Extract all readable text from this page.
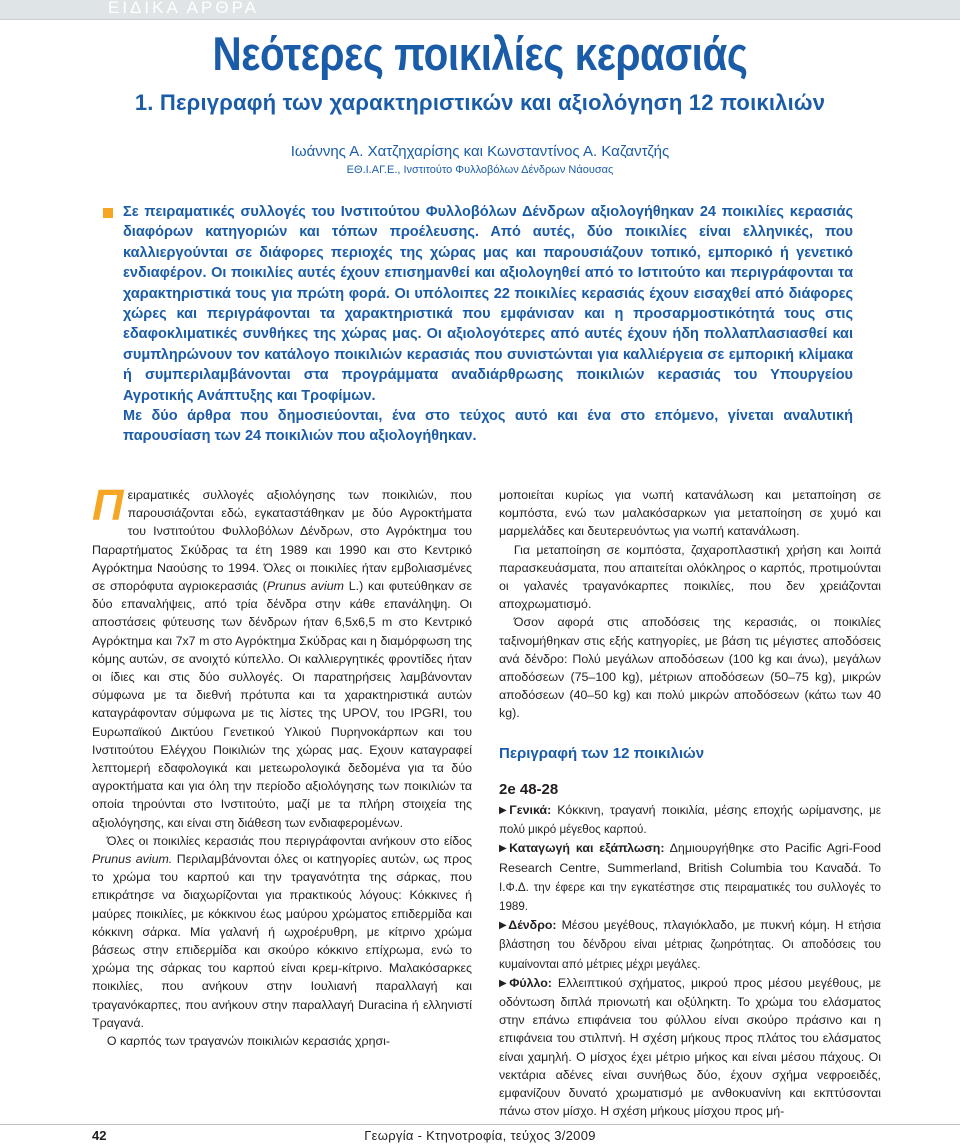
ΕΙΔΙΚΑ ΑΡΘΡΑ
Νεότερες ποικιλίες κερασιάς
1. Περιγραφή των χαρακτηριστικών και αξιολόγηση 12 ποικιλιών
Ιωάννης Α. Χατζηχαρίσης και Κωνσταντίνος Α. Καζαντζής
ΕΘ.Ι.ΑΓ.Ε., Ινστιτούτο Φυλλοβόλων Δένδρων Νάουσας

Σε πειραματικές συλλογές του Ινστιτούτου Φυλλοβόλων Δένδρων αξιολογήθηκαν 24 ποικιλίες κερασιάς διαφόρων κατηγοριών και τόπων προέλευσης. Από αυτές, δύο ποικιλίες είναι ελληνικές, που καλλιεργούνται σε διάφορες περιοχές της χώρας μας και παρουσιάζουν τοπικό, εμπορικό ή γενετικό ενδιαφέρον. Οι ποικιλίες αυτές έχουν επισημανθεί και αξιολογηθεί από το Ιστιτούτο και περιγράφονται τα χαρακτηριστικά τους για πρώτη φορά. Οι υπόλοιπες 22 ποικιλίες κερασιάς έχουν εισαχθεί από διάφορες χώρες και περιγράφονται τα χαρακτηριστικά που εμφάνισαν και η προσαρμοστικότητά τους στις εδαφοκλιματικές συνθήκες της χώρας μας. Οι αξιολογότερες από αυτές έχουν ήδη πολλαπλασιασθεί και συμπληρώνουν τον κατάλογο ποικιλιών κερασιάς που συνιστώνται για καλλιέργεια σε εμπορική κλίμακα ή συμπεριλαμβάνονται στα προγράμματα αναδιάρθρωσης ποικιλιών κερασιάς του Υπουργείου Αγροτικής Ανάπτυξης και Τροφίμων.

Με δύο άρθρα που δημοσιεύονται, ένα στο τεύχος αυτό και ένα στο επόμενο, γίνεται αναλυτική παρουσίαση των 24 ποικιλιών που αξιολογήθηκαν.

Πειραματικές συλλογές αξιολόγησης των ποικιλιών, που παρουσιάζονται εδώ, εγκαταστάθηκαν με δύο Αγροκτήματα του Ινστιτούτου Φυλλοβόλων Δένδρων, στο Αγρόκτημα του Παραρτήματος Σκύδρας τα έτη 1989 και 1990 και στο Κεντρικό Αγρόκτημα Ναούσης το 1994. Όλες οι ποικιλίες ήταν εμβολιασμένες σε σπορόφυτα αγριοκερασιάς (Prunus avium L.) και φυτεύθηκαν σε δύο επαναλήψεις, από τρία δένδρα στην κάθε επανάληψη. Οι αποστάσεις φύτευσης των δένδρων ήταν 6,5x6,5 m στο Κεντρικό Αγρόκτημα και 7x7 m στο Αγρόκτημα Σκύδρας και η διαμόρφωση της κόμης αυτών, σε ανοιχτό κύπελλο. Οι καλλιεργητικές φροντίδες ήταν οι ίδιες και στις δύο συλλογές. Οι παρατηρήσεις λαμβάνονταν σύμφωνα με τα διεθνή πρότυπα και τα χαρακτηριστικά αυτών καταγράφονταν σύμφωνα με τις λίστες της UPOV, του IPGRI, του Ευρωπαϊκού Δικτύου Γενετικού Υλικού Πυρηνοκάρπων και του Ινστιτούτου Ελέγχου Ποικιλιών της χώρας μας. Εχουν καταγραφεί λεπτομερή εδαφολογικά και μετεωρολογικά δεδομένα για τα δύο αγροκτήματα και για όλη την περίοδο αξιολόγησης των ποικιλιών τα οποία τηρούνται στο Ινστιτούτο, μαζί με τα πλήρη στοιχεία της αξιολόγησης, και είναι στη διάθεση των ενδιαφερομένων.

Όλες οι ποικιλίες κερασιάς που περιγράφονται ανήκουν στο είδος Prunus avium. Περιλαμβάνονται όλες οι κατηγορίες αυτών, ως προς το χρώμα του καρπού και την τραγανότητα της σάρκας, που επικράτησε να διαχωρίζονται για πρακτικούς λόγους: Κόκκινες ή μαύρες ποικιλίες, με κόκκινου έως μαύρου χρώματος επιδερμίδα και κόκκινη σάρκα. Μία γαλανή ή ωχροέρυθρη, με κίτρινο χρώμα βάσεως στην επιδερμίδα και σκούρο κόκκινο επίχρωμα, ενώ το χρώμα της σάρκας του καρπού είναι κρεμ-κίτρινο. Μαλακόσαρκες ποικιλίες, που ανήκουν στην Ιουλιανή παραλλαγή και τραγανόκαρπες, που ανήκουν στην παραλλαγή Duracina ή ελληνιστί Τραγανά.

Ο καρπός των τραγανών ποικιλιών κερασιάς χρησι-

μοποιείται κυρίως για νωπή κατανάλωση και μεταποίηση σε κομπόστα, ενώ των μαλακόσαρκων για μεταποίηση σε χυμό και μαρμελάδες και δευτερευόντως για νωπή κατανάλωση.

Για μεταποίηση σε κομπόστα, ζαχαροπλαστική χρήση και λοιπά παρασκευάσματα, που απαιτείται ολόκληρος ο καρπός, προτιμούνται οι γαλανές τραγανόκαρπες ποικιλίες, που δεν χρειάζονται αποχρωματισμό.

Όσον αφορά στις αποδόσεις της κερασιάς, οι ποικιλίες ταξινομήθηκαν στις εξής κατηγορίες, με βάση τις μέγιστες αποδόσεις ανά δένδρο: Πολύ μεγάλων αποδόσεων (100 kg και άνω), μεγάλων αποδόσεων (75–100 kg), μέτριων αποδόσεων (50–75 kg), μικρών αποδόσεων (40–50 kg) και πολύ μικρών αποδόσεων (κάτω των 40 kg).

Περιγραφή των 12 ποικιλιών
2e 48-28

▶Γενικά: Κόκκινη, τραγανή ποικιλία, μέσης εποχής ωρίμανσης, με πολύ μικρό μέγεθος καρπού.

▶Καταγωγή και εξάπλωση: Δημιουργήθηκε στο Pacific Agri-Food Research Centre, Summerland, British Columbia του Καναδά. Το Ι.Φ.Δ. την έφερε και την εγκατέστησε στις πειραματικές του συλλογές το 1989.

▶Δένδρο: Μέσου μεγέθους, πλαγιόκλαδο, με πυκνή κόμη. Η ετήσια βλάστηση του δένδρου είναι μέτριας ζωηρότητας. Οι αποδόσεις του κυμαίνονται από μέτριες μέχρι μεγάλες.

▶Φύλλο: Ελλειπτικού σχήματος, μικρού προς μέσου μεγέθους, με οδόντωση διπλά πριονωτή και οξύληκτη. Το χρώμα του ελάσματος στην επάνω επιφάνεια του φύλλου είναι σκούρο πράσινο και η επιφάνεια του στιλπνή. Η σχέση μήκους προς πλάτος του ελάσματος είναι χαμηλή. Ο μίσχος έχει μέτριο μήκος και είναι μέσου πάχους. Οι νεκτάρια αδένες είναι συνήθως δύο, έχουν σχήμα νεφροειδές, εμφανίζουν δυνατό χρωματισμό με ανθοκυανίνη και εκπτύσονται πάνω στον μίσχο. Η σχέση μήκους μίσχου προς μή-

42	Γεωργία - Κτηνοτροφία, τεύχος 3/2009
